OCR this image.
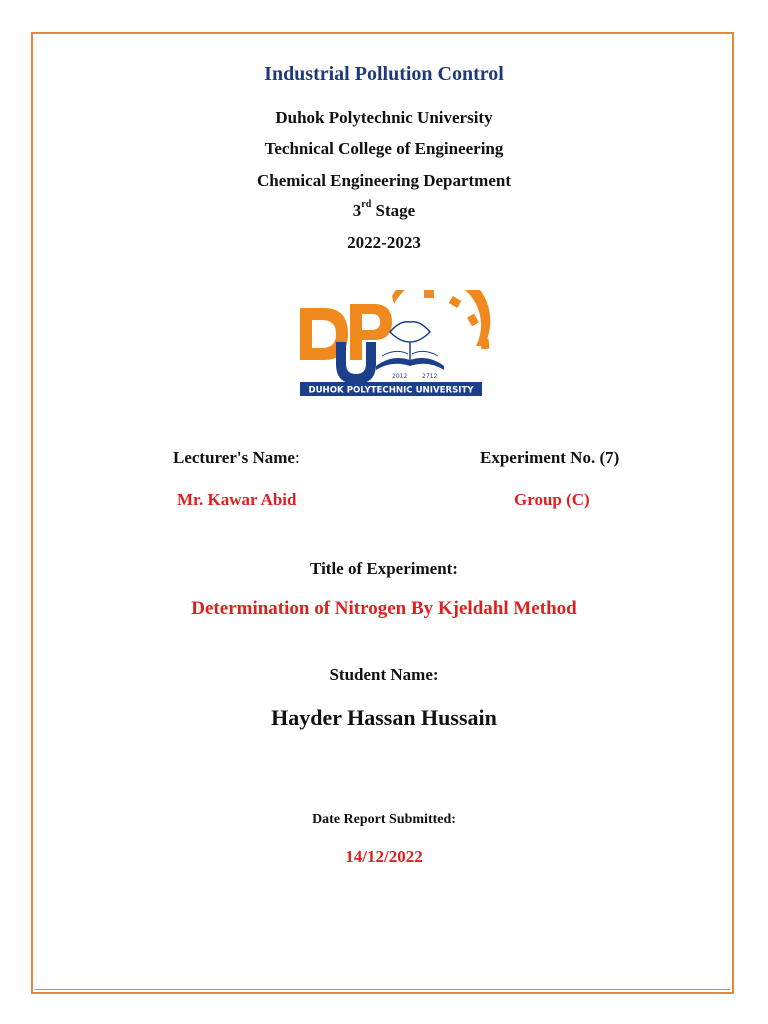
Industrial Pollution Control
Duhok Polytechnic University
Technical College of Engineering
Chemical Engineering Department
3rd Stage
2022-2023
2012 2712
DUHOK POLYTECHNIC UNIVERSITY
Lecturer's Name:
Mr. Kawar Abid
Experiment No. (7)
Group (C)
Title of Experiment:
Determination of Nitrogen By Kjeldahl Method
Student Name:
Hayder Hassan Hussain
Date Report Submitted:
14/12/2022
